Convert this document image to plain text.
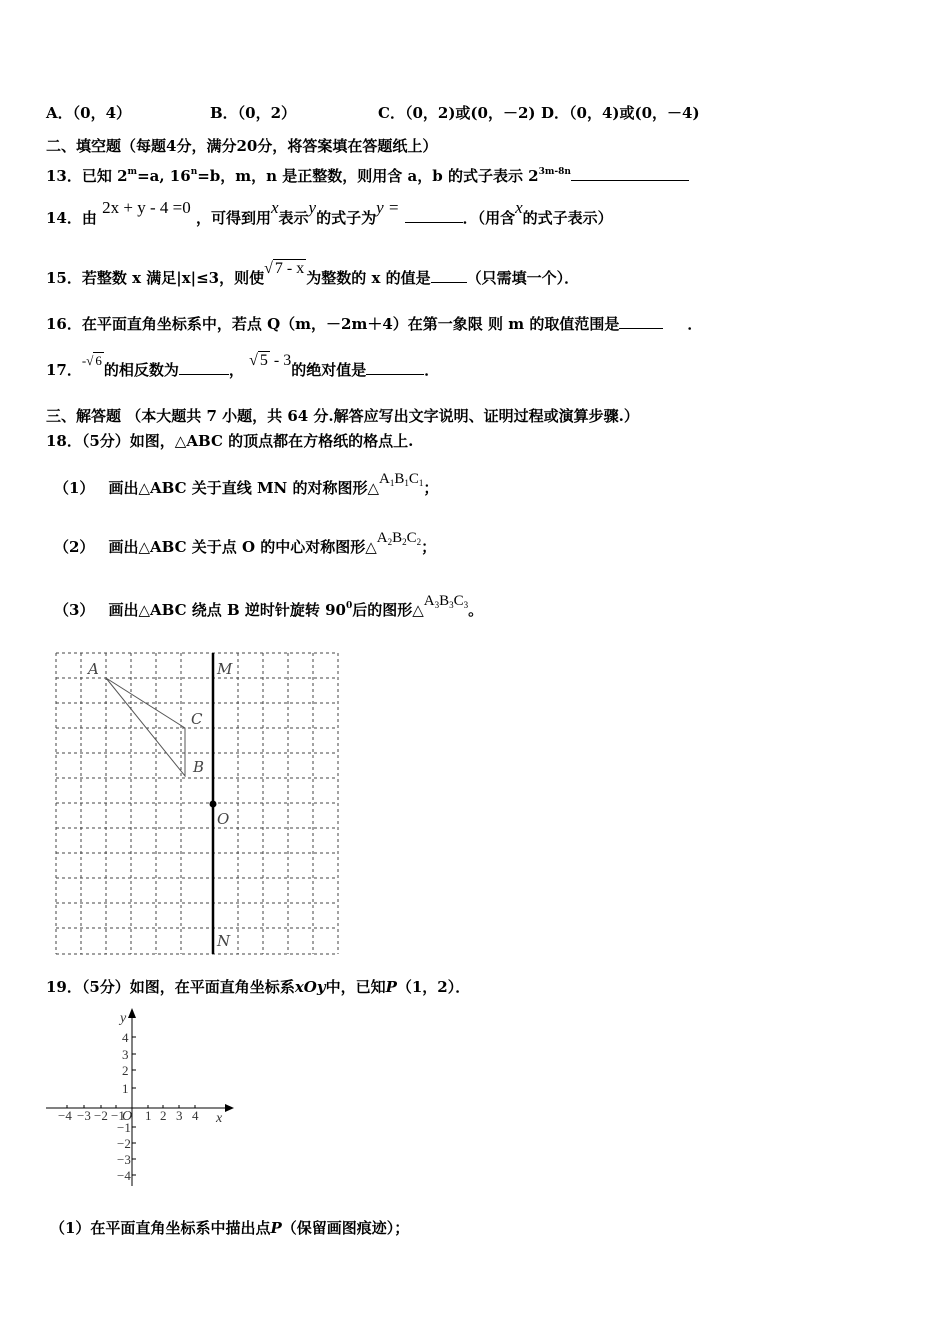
A．（0，4）	B．（0，2）	C．（0，2)或(0，－2) D．（0，4)或(0，－4)
二、填空题（每题4分，满分20分，将答案填在答题纸上）
13．已知 $2^m=a$, $16^n=b$，m，n 是正整数，则用含 a，b 的式子表示 $2^{3m-8n}$
14．由 2x + y - 4 =0 ，可得到用x表示y的式子为y = ．（用含x的式子表示）
15．若整数 x 满足|x|≤3，则使√ 7 - x为整数的 x 的值是 （只需填一个）．
16．在平面直角坐标系中，若点 Q（m，－2m＋4）在第一象限 则 m 的取值范围是	．
17．-√ 6的相反数为	， √ 5 - 3的绝对值是	．
三、解答题 （本大题共 7 小题，共 64 分.解答应写出文字说明、证明过程或演算步骤.）
18．（5分）如图，△ABC 的顶点都在方格纸的格点上.
（1） 画出△ABC 关于直线 MN 的对称图形$\triangle A_1B_1C_1$；
（2） 画出△ABC 关于点 O 的中心对称图形$\triangle A_2B_2C_2$；
（3） 画出△ABC 绕点 B 逆时针旋转 $90^0$后的图形$\triangle A_3B_3C_3$。
A
C
B
O
M
N
19．（5分）如图，在平面直角坐标系xOy中，已知P（1，2）．
−4 −3 −2 −1 1 2 3 4
4
3
2
1
−1
−2
−3
−4
x
y
O
（1）在平面直角坐标系中描出点P（保留画图痕迹）；
